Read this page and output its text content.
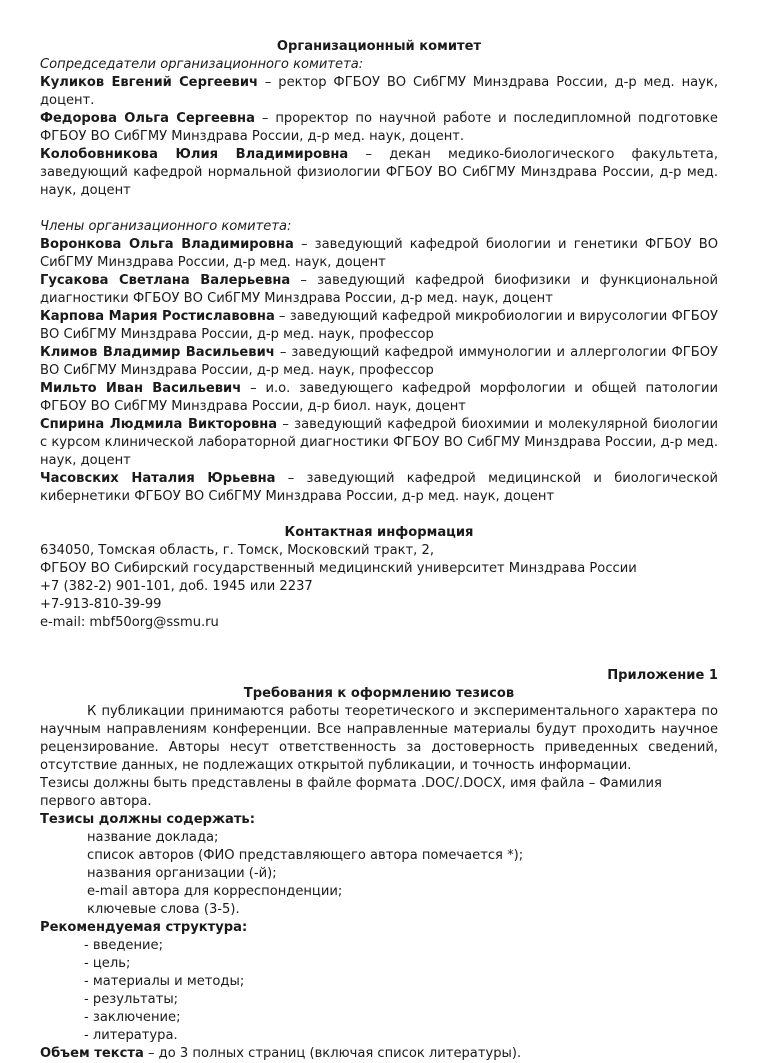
Организационный комитет

Сопредседатели организационного комитета:

Куликов Евгений Сергеевич – ректор ФГБОУ ВО СибГМУ Минздрава России, д-р мед. наук, доцент.

Федорова Ольга Сергеевна – проректор по научной работе и последипломной подготовке ФГБОУ ВО СибГМУ Минздрава России, д-р мед. наук, доцент.

Колобовникова Юлия Владимировна – декан медико-биологического факультета, заведующий кафедрой нормальной физиологии ФГБОУ ВО СибГМУ Минздрава России, д-р мед. наук, доцент

Члены организационного комитета:

Воронкова Ольга Владимировна – заведующий кафедрой биологии и генетики ФГБОУ ВО СибГМУ Минздрава России, д-р мед. наук, доцент

Гусакова Светлана Валерьевна – заведующий кафедрой биофизики и функциональной диагностики ФГБОУ ВО СибГМУ Минздрава России, д-р мед. наук, доцент

Карпова Мария Ростиславовна – заведующий кафедрой микробиологии и вирусологии ФГБОУ ВО СибГМУ Минздрава России, д-р мед. наук, профессор

Климов Владимир Васильевич – заведующий кафедрой иммунологии и аллергологии ФГБОУ ВО СибГМУ Минздрава России, д-р мед. наук, профессор

Мильто Иван Васильевич – и.о. заведующего кафедрой морфологии и общей патологии ФГБОУ ВО СибГМУ Минздрава России, д-р биол. наук, доцент

Спирина Людмила Викторовна – заведующий кафедрой биохимии и молекулярной биологии с курсом клинической лабораторной диагностики ФГБОУ ВО СибГМУ Минздрава России, д-р мед. наук, доцент

Часовских Наталия Юрьевна – заведующий кафедрой медицинской и биологической кибернетики ФГБОУ ВО СибГМУ Минздрава России, д-р мед. наук, доцент

Контактная информация

634050, Томская область, г. Томск, Московский тракт, 2,

ФГБОУ ВО Сибирский государственный медицинский университет Минздрава России

+7 (382-2) 901-101, доб. 1945 или 2237

+7-913-810-39-99

e-mail: mbf50org@ssmu.ru

Приложение 1

Требования к оформлению тезисов

К публикации принимаются работы теоретического и экспериментального характера по научным направлениям конференции. Все направленные материалы будут проходить научное рецензирование. Авторы несут ответственность за достоверность приведенных сведений, отсутствие данных, не подлежащих открытой публикации, и точность информации.

Тезисы должны быть представлены в файле формата .DOC/.DOCX, имя файла – Фамилия первого автора.

Тезисы должны содержать:

название доклада;

список авторов (ФИО представляющего автора помечается *);

названия организации (-й);

e-mail автора для корреспонденции;

ключевые слова (3-5).

Рекомендуемая структура:

- введение;

- цель;

- материалы и методы;

- результаты;

- заключение;

- литература.

Объем текста – до 3 полных страниц (включая список литературы).
